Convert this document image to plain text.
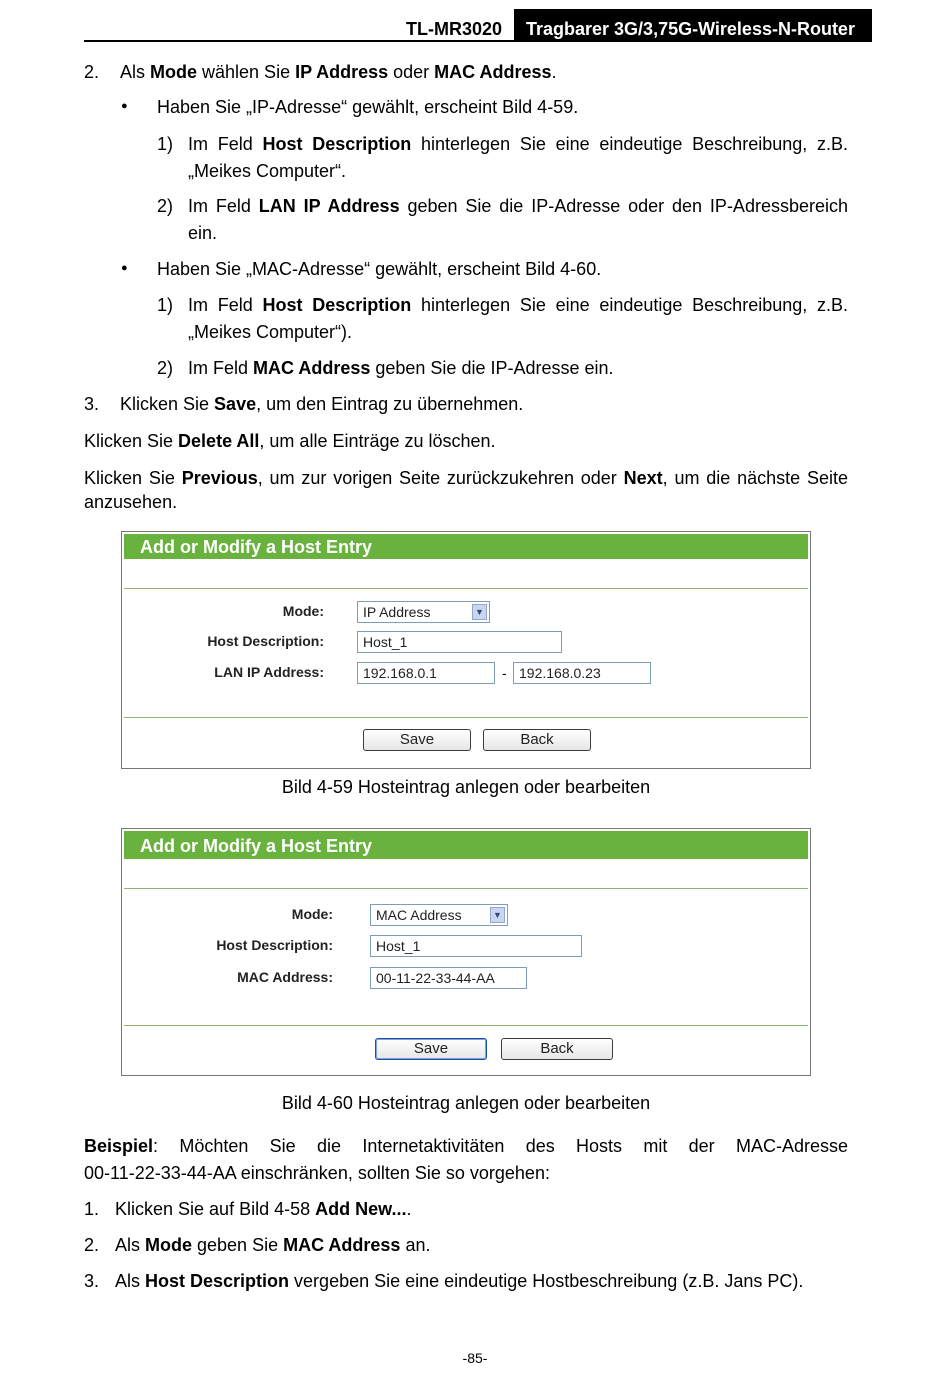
TL-MR3020 Tragbarer 3G/3,75G-Wireless-N-Router
2. Als Mode wählen Sie IP Address oder MAC Address.
● Haben Sie „IP-Adresse“ gewählt, erscheint Bild 4-59.
1) Im Feld Host Description hinterlegen Sie eine eindeutige Beschreibung, z.B.
„Meikes Computer“.
2) Im Feld LAN IP Address geben Sie die IP-Adresse oder den IP-Adressbereich
ein.
● Haben Sie „MAC-Adresse“ gewählt, erscheint Bild 4-60.
1) Im Feld Host Description hinterlegen Sie eine eindeutige Beschreibung, z.B.
„Meikes Computer“).
2) Im Feld MAC Address geben Sie die IP-Adresse ein.
3. Klicken Sie Save, um den Eintrag zu übernehmen.
Klicken Sie Delete All, um alle Einträge zu löschen.
Klicken Sie Previous, um zur vorigen Seite zurückzukehren oder Next, um die nächste Seite
anzusehen.
Add or Modify a Host Entry
Mode:	IP Address	▼
Host Description:	Host_1
LAN IP Address:	192.168.0.1	- 192.168.0.23
Save	Back
Bild 4-59 Hosteintrag anlegen oder bearbeiten
Add or Modify a Host Entry
Mode:	MAC Address	▼
Host Description:	Host_1
MAC Address:	00-11-22-33-44-AA
Save	Back
Bild 4-60 Hosteintrag anlegen oder bearbeiten
Beispiel: Möchten Sie die Internetaktivitäten des Hosts mit der MAC-Adresse
00-11-22-33-44-AA einschränken, sollten Sie so vorgehen:
1. Klicken Sie auf Bild 4-58 Add New....
2. Als Mode geben Sie MAC Address an.
3. Als Host Description vergeben Sie eine eindeutige Hostbeschreibung (z.B. Jans PC).
-85-
